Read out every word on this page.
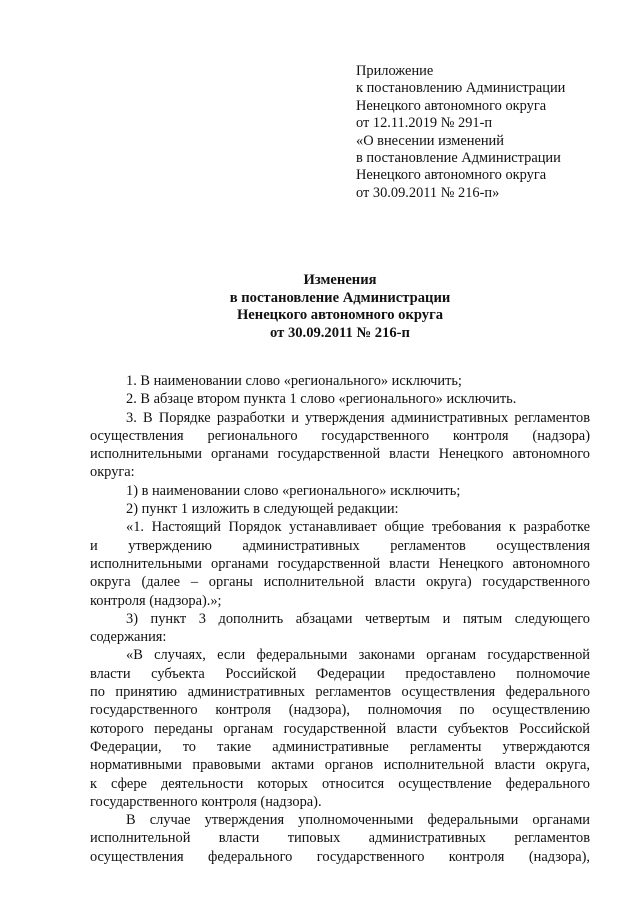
Приложение
к постановлению Администрации
Ненецкого автономного округа
от 12.11.2019 № 291-п
«О внесении изменений
в постановление Администрации
Ненецкого автономного округа
от 30.09.2011 № 216-п»
Изменения
в постановление Администрации
Ненецкого автономного округа
от 30.09.2011 № 216-п

1. В наименовании слово «регионального» исключить;

2. В абзаце втором пункта 1 слово «регионального» исключить.

3. В Порядке разработки и утверждения административных регламентов
осуществления регионального государственного контроля (надзора)
исполнительными органами государственной власти Ненецкого автономного
округа:

1) в наименовании слово «регионального» исключить;

2) пункт 1 изложить в следующей редакции:

«1. Настоящий Порядок устанавливает общие требования к разработке
и утверждению административных регламентов осуществления
исполнительными органами государственной власти Ненецкого автономного
округа (далее – органы исполнительной власти округа) государственного
контроля (надзора).»;
3) пункт 3 дополнить абзацами четвертым и пятым следующего
содержания:
«В случаях, если федеральными законами органам государственной
власти субъекта Российской Федерации предоставлено полномочие
по принятию административных регламентов осуществления федерального
государственного контроля (надзора), полномочия по осуществлению
которого переданы органам государственной власти субъектов Российской
Федерации, то такие административные регламенты утверждаются
нормативными правовыми актами органов исполнительной власти округа,
к сфере деятельности которых относится осуществление федерального
государственного контроля (надзора).
В случае утверждения уполномоченными федеральными органами
исполнительной власти типовых административных регламентов
осуществления федерального государственного контроля (надзора),
